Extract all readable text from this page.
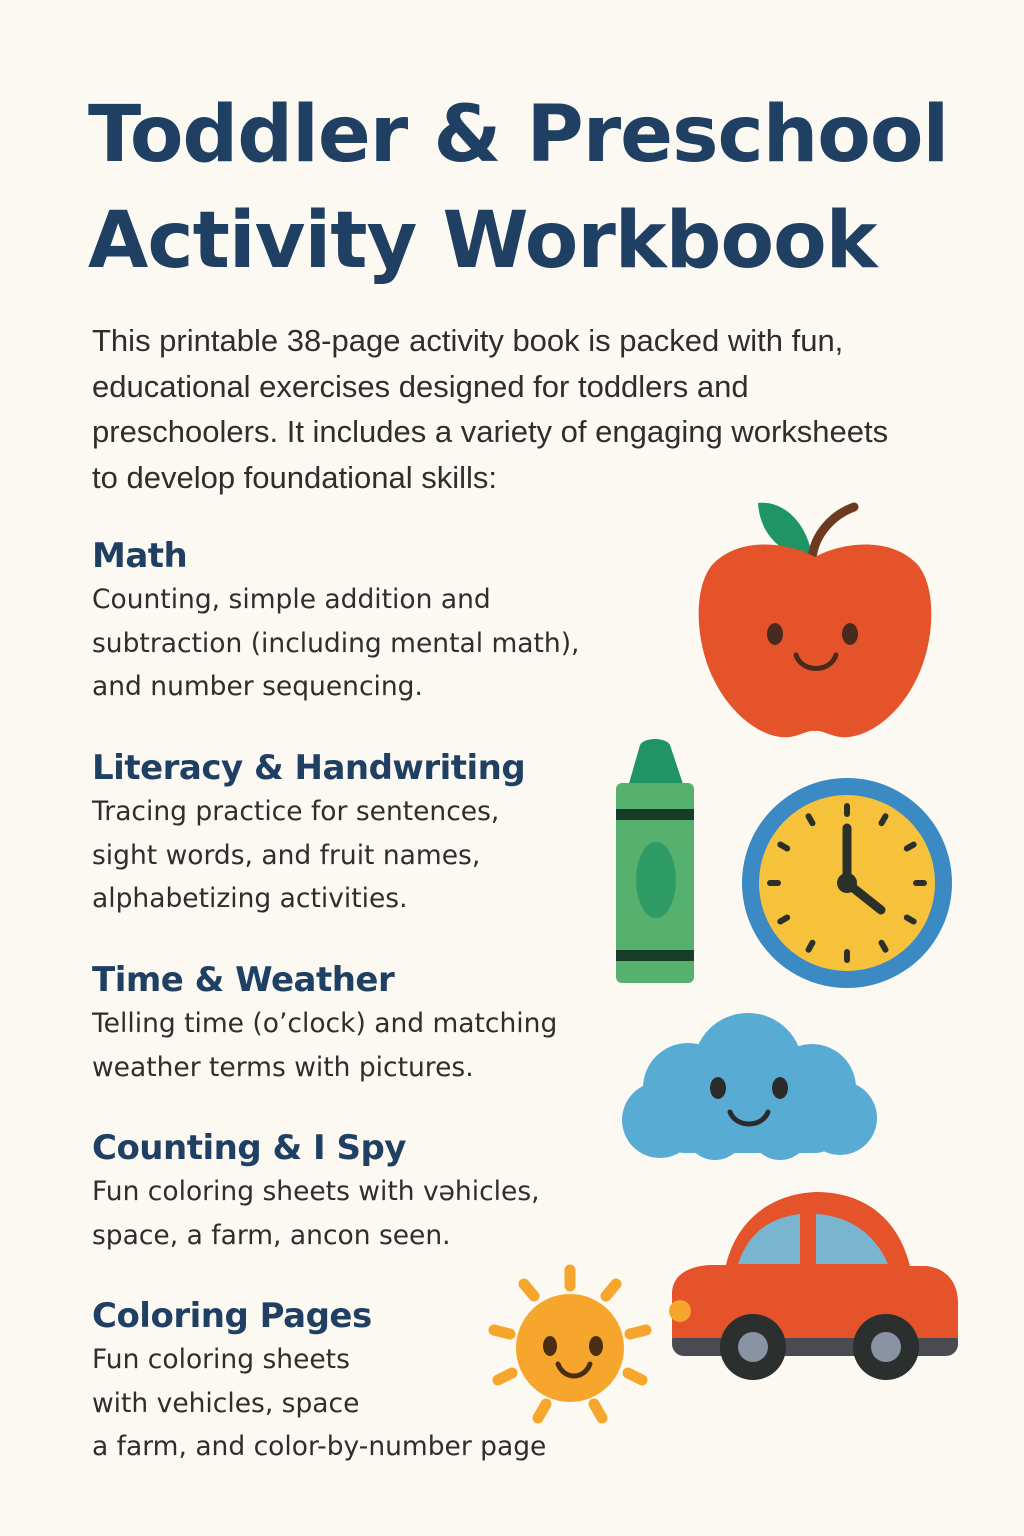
Toddler & Preschool
Activity Workbook

This printable 38-page activity book is packed with fun,
educational exercises designed for toddlers and
preschoolers. It includes a variety of engaging worksheets
to develop foundational skills:

Math

Counting, simple addition and
subtraction (including mental math),
and number sequencing.

Literacy & Handwriting

Tracing practice for sentences,
sight words, and fruit names,
alphabetizing activities.

Time & Weather

Telling time (o’clock) and matching
weather terms with pictures.

Counting & I Spy

Fun coloring sheets with vəhicles,
space, a farm, ancon seen.

Coloring Pages

Fun coloring sheets
with vehicles, space
a farm, and color-by-number page
